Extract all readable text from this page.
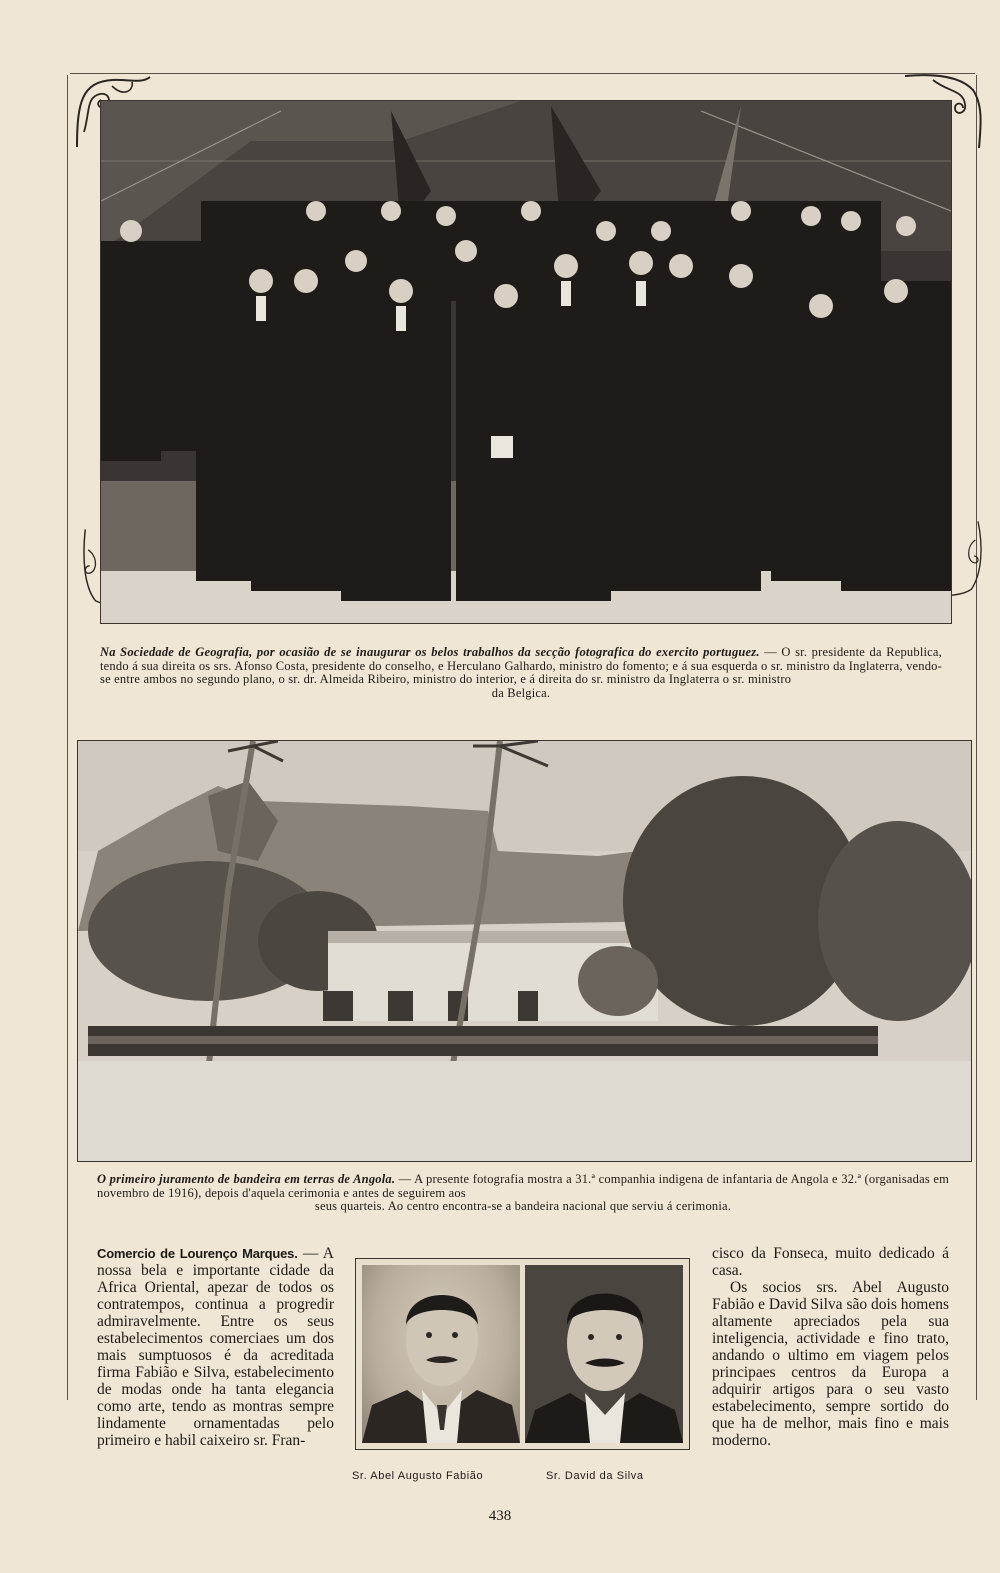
Na Sociedade de Geografia, por ocasião de se inaugurar os belos trabalhos da secção fotografica do exercito portuguez. — O sr. presidente da Republica, tendo á sua direita os srs. Afonso Costa, presidente do conselho, e Herculano Galhardo, ministro do fomento; e á sua esquerda o sr. ministro da Inglaterra, vendo-se entre ambos no segundo plano, o sr. dr. Almeida Ribeiro, ministro do interior, e á direita do sr. ministro da Inglaterra o sr. ministro
da Belgica.
O primeiro juramento de bandeira em terras de Angola. — A presente fotografia mostra a 31.ª companhia indigena de infantaria de Angola e 32.ª (organisadas em novembro de 1916), depois d'aquela cerimonia e antes de seguirem aos
seus quarteis. Ao centro encontra-se a bandeira nacional que serviu á cerimonia.
Comercio de Lourenço Marques. — A nossa bela e importante cidade da Africa Oriental, apezar de todos os contratempos, continua a progredir admiravelmente. Entre os seus estabelecimentos comerciaes um dos mais sumptuosos é da acreditada firma Fabião e Silva, estabelecimento de modas onde ha tanta elegancia como arte, tendo as montras sempre lindamente ornamentadas pelo primeiro e habil caixeiro sr. Fran-
Sr. Abel Augusto Fabião	Sr. David da Silva
cisco da Fonseca, muito dedicado á casa.
Os socios srs. Abel Augusto Fabião e David Silva são dois homens altamente apreciados pela sua inteligencia, actividade e fino trato, andando o ultimo em viagem pelos principaes centros da Europa a adquirir artigos para o seu vasto estabelecimento, sempre sortido do que ha de melhor, mais fino e mais moderno.
438
